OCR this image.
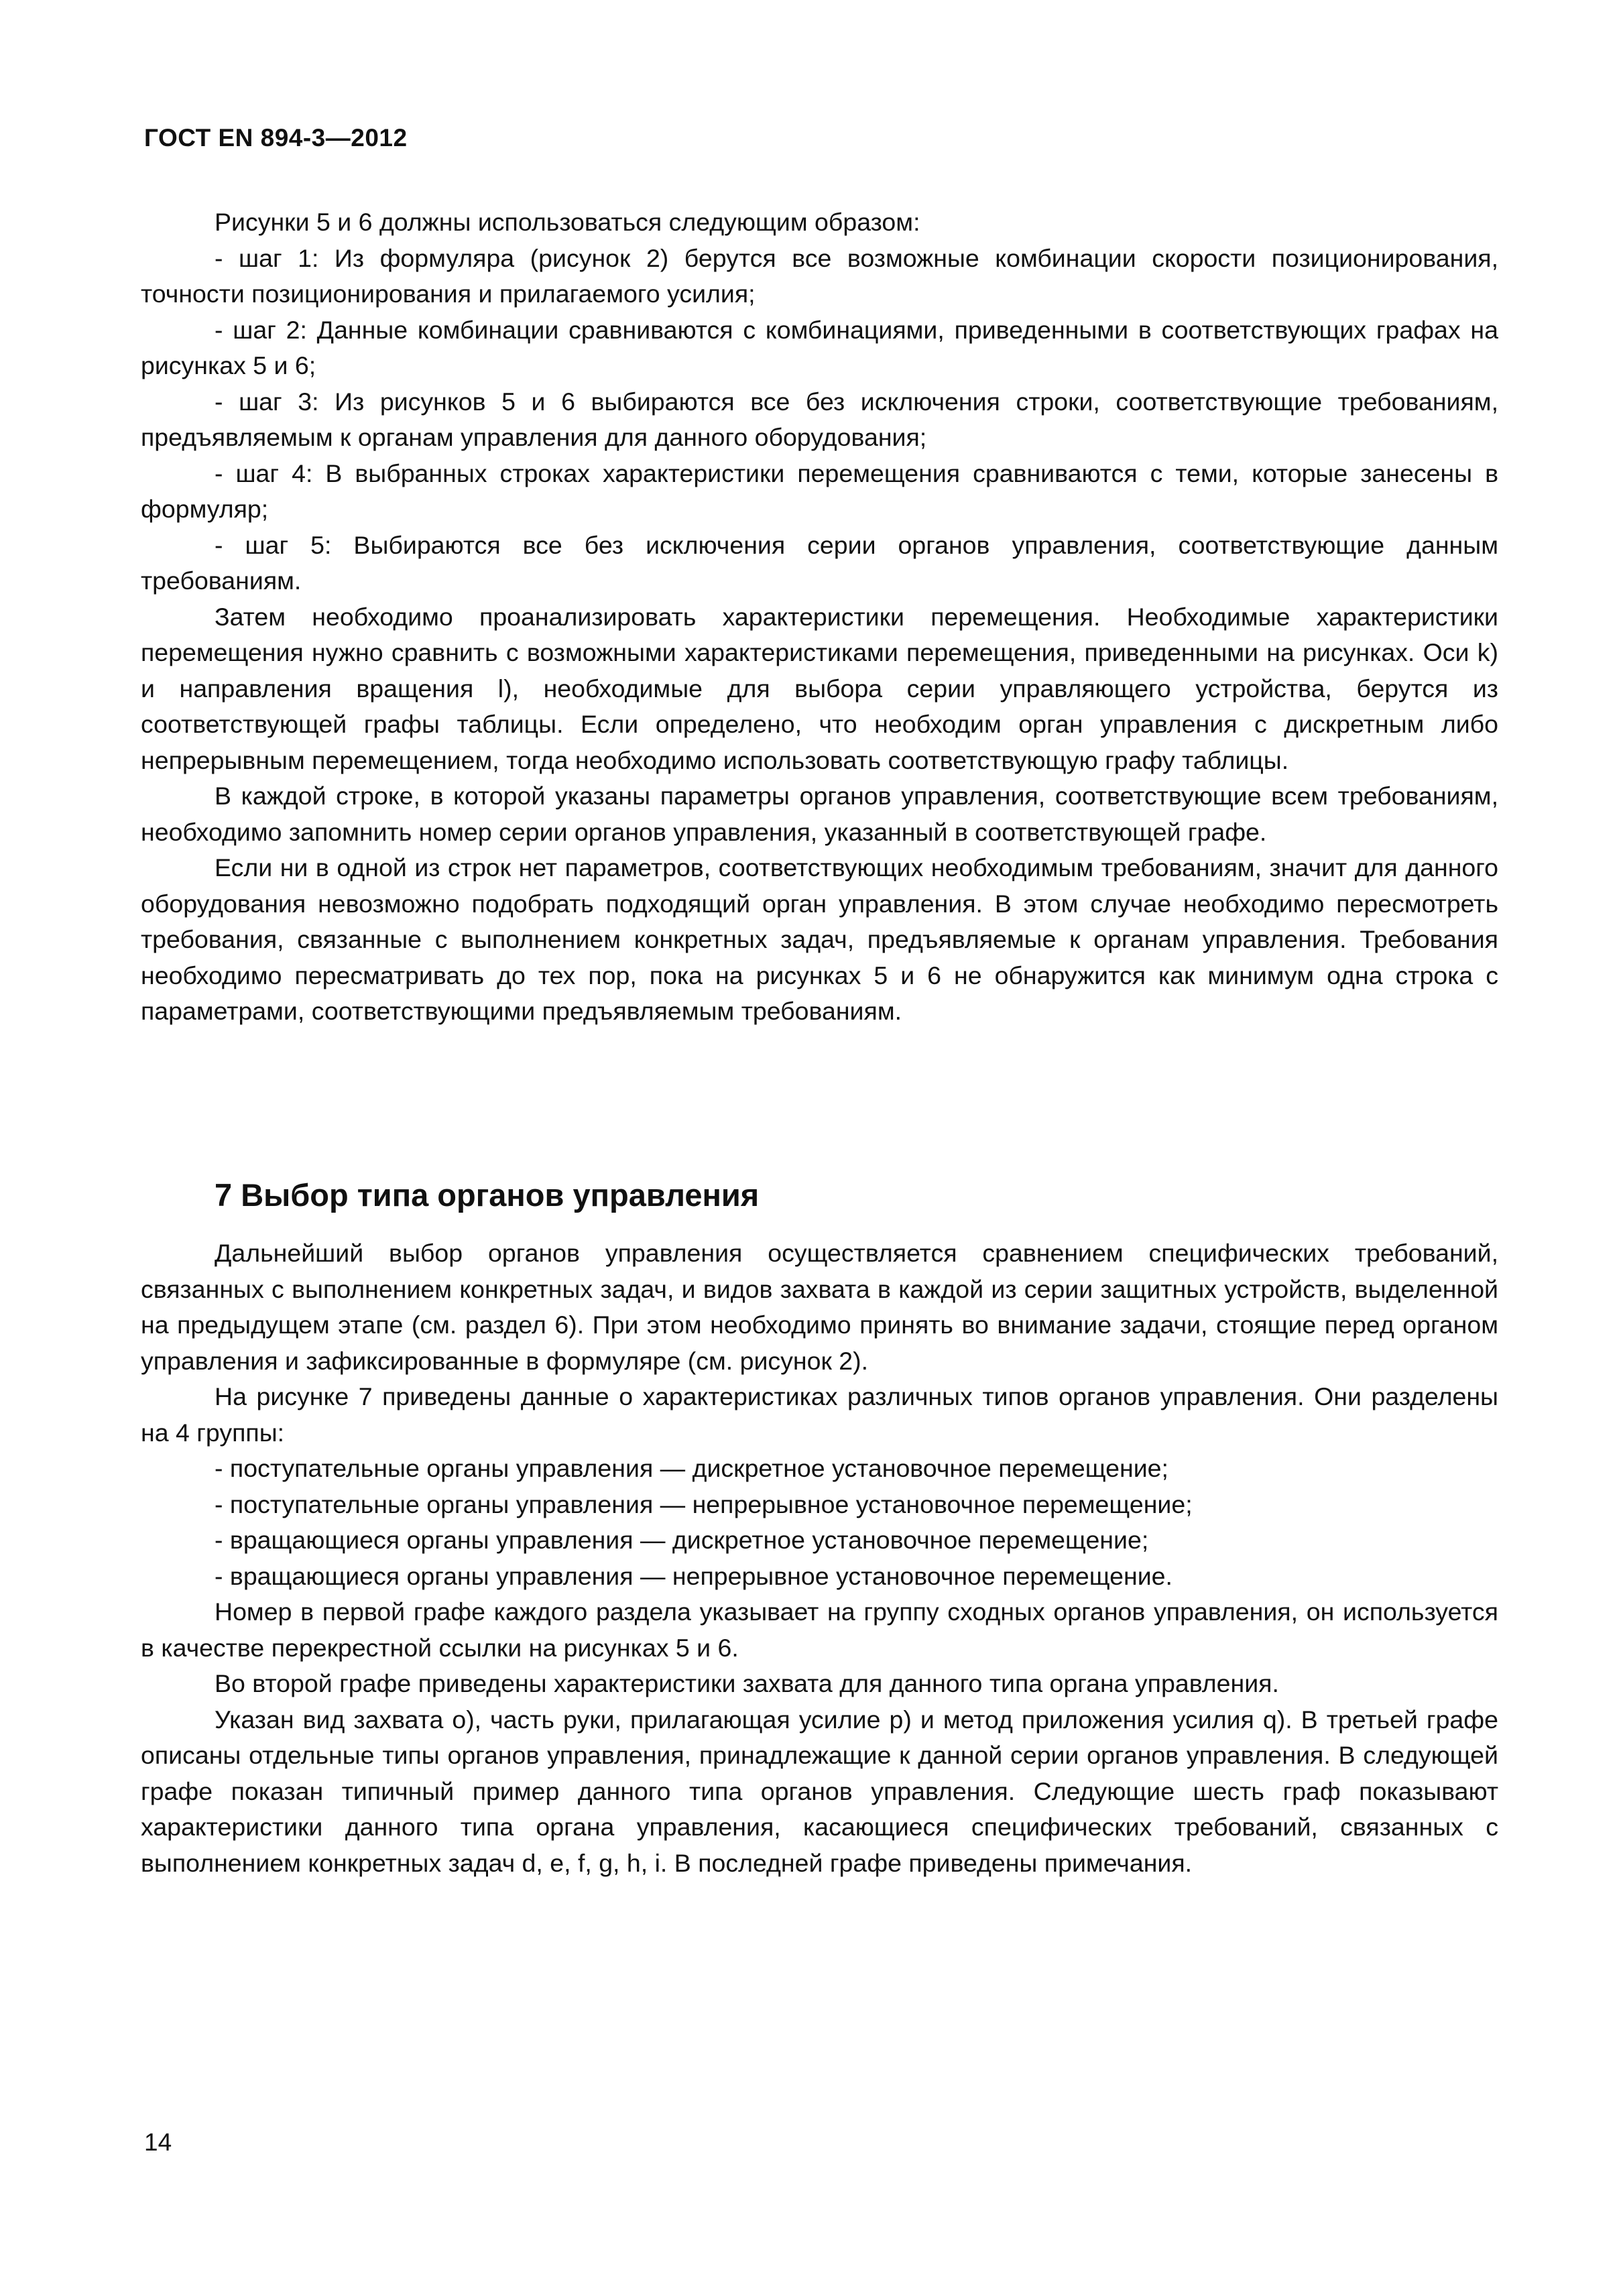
ГОСТ EN 894-3—2012

Рисунки 5 и 6 должны использоваться следующим образом:

- шаг 1: Из формуляра (рисунок 2) берутся все возможные комбинации скорости позиционирования, точности позиционирования и прилагаемого усилия;

- шаг 2: Данные комбинации сравниваются с комбинациями, приведенными в соответствующих графах на рисунках 5 и 6;

- шаг 3: Из рисунков 5 и 6 выбираются все без исключения строки, соответствующие требованиям, предъявляемым к органам управления для данного оборудования;

- шаг 4: В выбранных строках характеристики перемещения сравниваются с теми, которые занесены в формуляр;

- шаг 5: Выбираются все без исключения серии органов управления, соответствующие данным требованиям.

Затем необходимо проанализировать характеристики перемещения. Необходимые характеристики перемещения нужно сравнить с возможными характеристиками перемещения, приведенными на рисунках. Оси k) и направления вращения l), необходимые для выбора серии управляющего устройства, берутся из соответствующей графы таблицы. Если определено, что необходим орган управления с дискретным либо непрерывным перемещением, тогда необходимо использовать соответствующую графу таблицы.

В каждой строке, в которой указаны параметры органов управления, соответствующие всем требованиям, необходимо запомнить номер серии органов управления, указанный в соответствующей графе.

Если ни в одной из строк нет параметров, соответствующих необходимым требованиям, значит для данного оборудования невозможно подобрать подходящий орган управления. В этом случае необходимо пересмотреть требования, связанные с выполнением конкретных задач, предъявляемые к органам управления. Требования необходимо пересматривать до тех пор, пока на рисунках 5 и 6 не обнаружится как минимум одна строка с параметрами, соответствующими предъявляемым требованиям.

7 Выбор типа органов управления

Дальнейший выбор органов управления осуществляется сравнением специфических требований, связанных с выполнением конкретных задач, и видов захвата в каждой из серии защитных устройств, выделенной на предыдущем этапе (см. раздел 6). При этом необходимо принять во внимание задачи, стоящие перед органом управления и зафиксированные в формуляре (см. рисунок 2).

На рисунке 7 приведены данные о характеристиках различных типов органов управления. Они разделены на 4 группы:

- поступательные органы управления — дискретное установочное перемещение;

- поступательные органы управления — непрерывное установочное перемещение;

- вращающиеся органы управления — дискретное установочное перемещение;

- вращающиеся органы управления — непрерывное установочное перемещение.

Номер в первой графе каждого раздела указывает на группу сходных органов управления, он используется в качестве перекрестной ссылки на рисунках 5 и 6.

Во второй графе приведены характеристики захвата для данного типа органа управления.

Указан вид захвата o), часть руки, прилагающая усилие p) и метод приложения усилия q). В третьей графе описаны отдельные типы органов управления, принадлежащие к данной серии органов управления. В следующей графе показан типичный пример данного типа органов управления. Следующие шесть граф показывают характеристики данного типа органа управления, касающиеся специфических требований, связанных с выполнением конкретных задач d, e, f, g, h, i. В последней графе приведены примечания.

14
